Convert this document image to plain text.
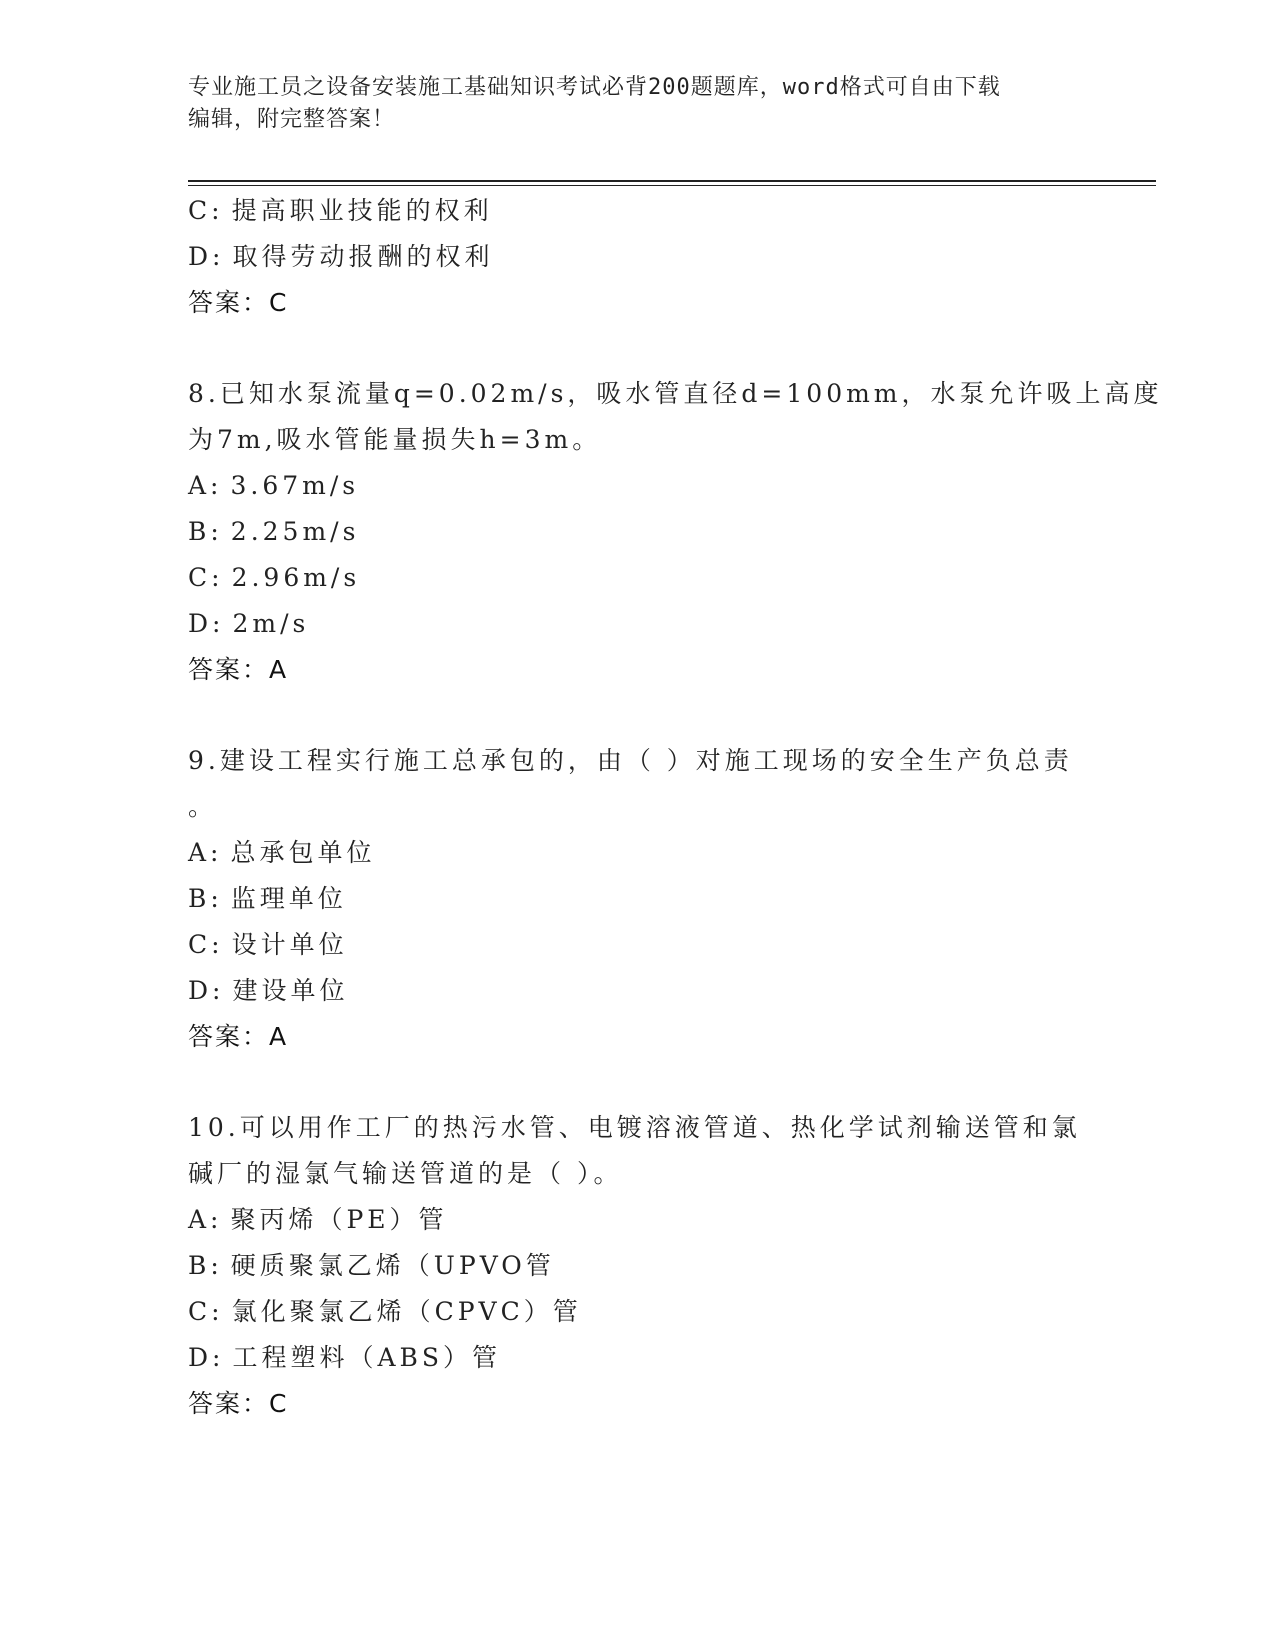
专业施工员之设备安装施工基础知识考试必背200题题库，word格式可自由下载
编辑，附完整答案！
C: 提高职业技能的权利
D: 取得劳动报酬的权利
答案：C
8.已知水泵流量q=0.02m/s，吸水管直径d=100mm，水泵允许吸上高度
为7m,吸水管能量损失h=3m。
A: 3.67m/s
B: 2.25m/s
C: 2.96m/s
D: 2m/s
答案：A
9.建设工程实行施工总承包的，由（ ）对施工现场的安全生产负总责
。
A: 总承包单位
B: 监理单位
C: 设计单位
D: 建设单位
答案：A
10.可以用作工厂的热污水管、电镀溶液管道、热化学试剂输送管和氯
碱厂的湿氯气输送管道的是（ ）。
A: 聚丙烯（PE）管
B: 硬质聚氯乙烯（UPVO管
C: 氯化聚氯乙烯（CPVC）管
D: 工程塑料（ABS）管
答案：C
